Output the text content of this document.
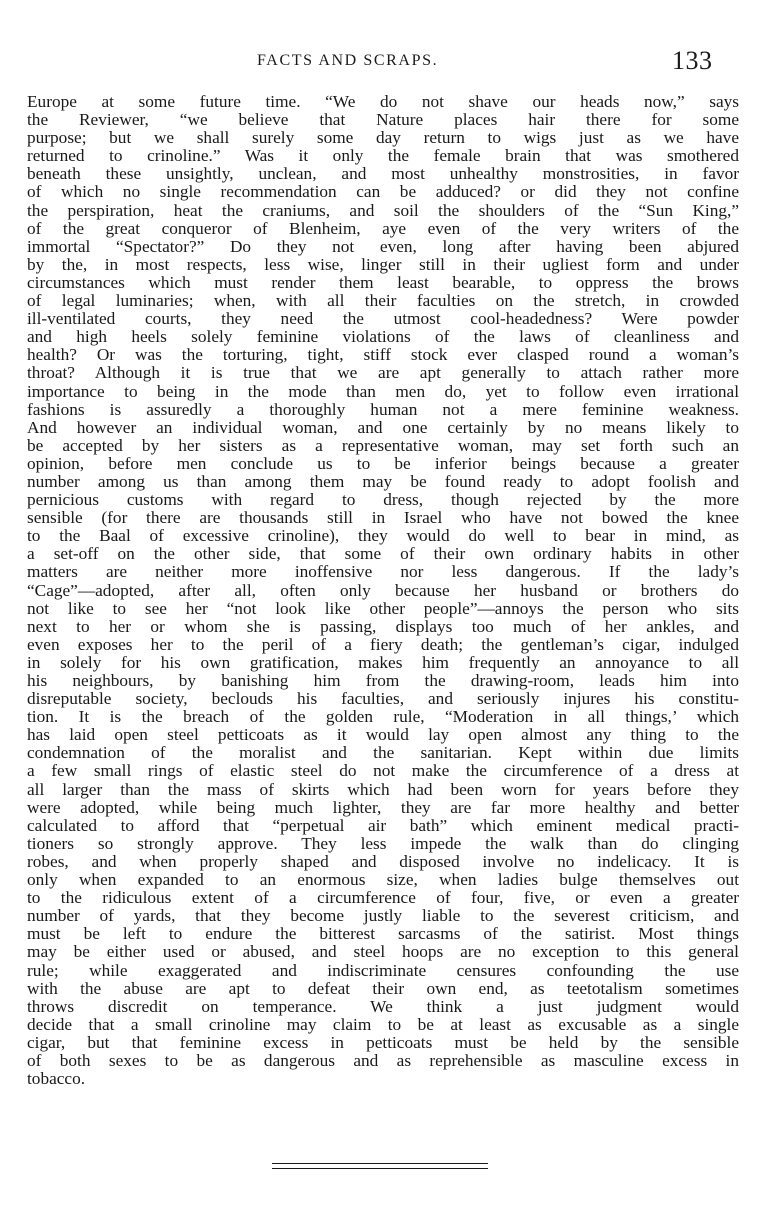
FACTS AND SCRAPS.	133
Europe at some future time. “We do not shave our heads now,” says
the Reviewer, “we believe that Nature places hair there for some
purpose; but we shall surely some day return to wigs just as we have
returned to crinoline.” Was it only the female brain that was smothered
beneath these unsightly, unclean, and most unhealthy monstrosities, in favor
of which no single recommendation can be adduced? or did they not confine
the perspiration, heat the craniums, and soil the shoulders of the “Sun King,”
of the great conqueror of Blenheim, aye even of the very writers of the
immortal “Spectator?” Do they not even, long after having been abjured
by the, in most respects, less wise, linger still in their ugliest form and under
circumstances which must render them least bearable, to oppress the brows
of legal luminaries; when, with all their faculties on the stretch, in crowded
ill-ventilated courts, they need the utmost cool-headedness? Were powder
and high heels solely feminine violations of the laws of cleanliness and
health? Or was the torturing, tight, stiff stock ever clasped round a woman’s
throat? Although it is true that we are apt generally to attach rather more
importance to being in the mode than men do, yet to follow even irrational
fashions is assuredly a thoroughly human not a mere feminine weakness.
And however an individual woman, and one certainly by no means likely to
be accepted by her sisters as a representative woman, may set forth such an
opinion, before men conclude us to be inferior beings because a greater
number among us than among them may be found ready to adopt foolish and
pernicious customs with regard to dress, though rejected by the more
sensible (for there are thousands still in Israel who have not bowed the knee
to the Baal of excessive crinoline), they would do well to bear in mind, as
a set-off on the other side, that some of their own ordinary habits in other
matters are neither more inoffensive nor less dangerous. If the lady’s
“Cage”—adopted, after all, often only because her husband or brothers do
not like to see her “not look like other people”—annoys the person who sits
next to her or whom she is passing, displays too much of her ankles, and
even exposes her to the peril of a fiery death; the gentleman’s cigar, indulged
in solely for his own gratification, makes him frequently an annoyance to all
his neighbours, by banishing him from the drawing-room, leads him into
disreputable society, beclouds his faculties, and seriously injures his constitu-
tion. It is the breach of the golden rule, “Moderation in all things,’ which
has laid open steel petticoats as it would lay open almost any thing to the
condemnation of the moralist and the sanitarian. Kept within due limits
a few small rings of elastic steel do not make the circumference of a dress at
all larger than the mass of skirts which had been worn for years before they
were adopted, while being much lighter, they are far more healthy and better
calculated to afford that “perpetual air bath” which eminent medical practi-
tioners so strongly approve. They less impede the walk than do clinging
robes, and when properly shaped and disposed involve no indelicacy. It is
only when expanded to an enormous size, when ladies bulge themselves out
to the ridiculous extent of a circumference of four, five, or even a greater
number of yards, that they become justly liable to the severest criticism, and
must be left to endure the bitterest sarcasms of the satirist. Most things
may be either used or abused, and steel hoops are no exception to this general
rule; while exaggerated and indiscriminate censures confounding the use
with the abuse are apt to defeat their own end, as teetotalism sometimes
throws discredit on temperance. We think a just judgment would
decide that a small crinoline may claim to be at least as excusable as a single
cigar, but that feminine excess in petticoats must be held by the sensible
of both sexes to be as dangerous and as reprehensible as masculine excess in
tobacco.
